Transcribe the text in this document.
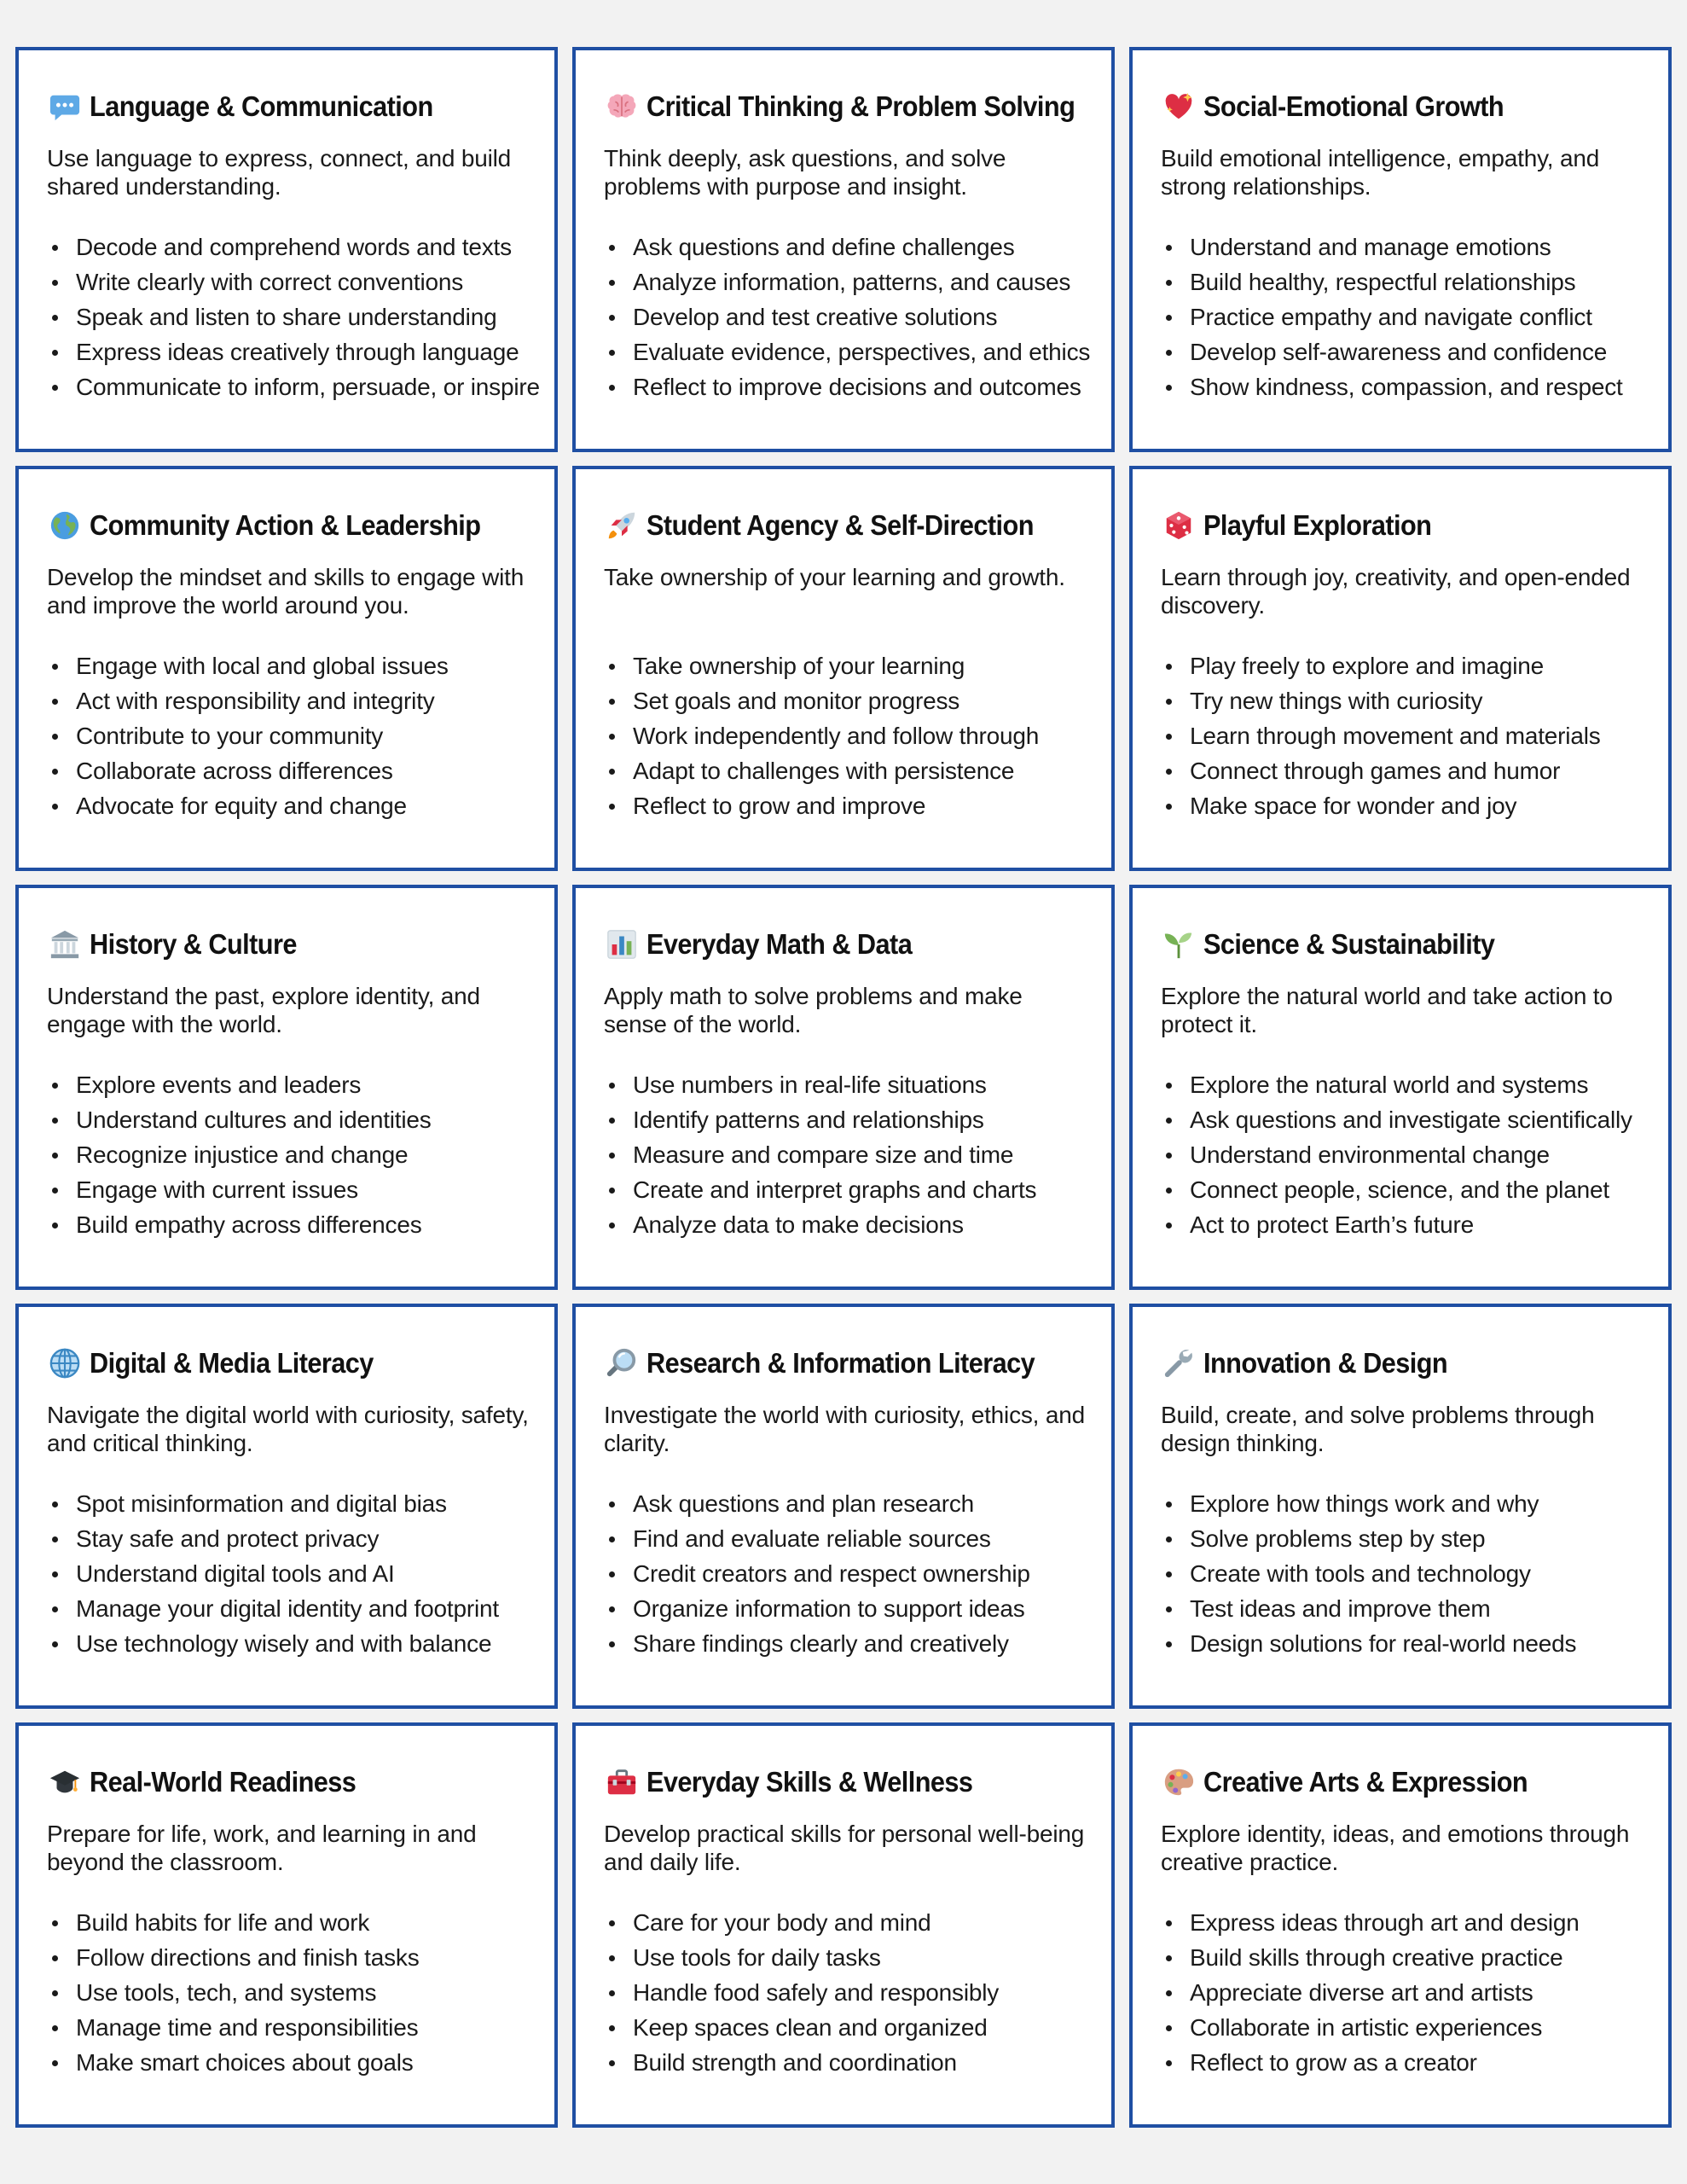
Language & Communication
Use language to express, connect, and build shared understanding.
Decode and comprehend words and texts
Write clearly with correct conventions
Speak and listen to share understanding
Express ideas creatively through language
Communicate to inform, persuade, or inspire
Critical Thinking & Problem Solving
Think deeply, ask questions, and solve problems with purpose and insight.
Ask questions and define challenges
Analyze information, patterns, and causes
Develop and test creative solutions
Evaluate evidence, perspectives, and ethics
Reflect to improve decisions and outcomes
Social-Emotional Growth
Build emotional intelligence, empathy, and strong relationships.
Understand and manage emotions
Build healthy, respectful relationships
Practice empathy and navigate conflict
Develop self-awareness and confidence
Show kindness, compassion, and respect
Community Action & Leadership
Develop the mindset and skills to engage with and improve the world around you.
Engage with local and global issues
Act with responsibility and integrity
Contribute to your community
Collaborate across differences
Advocate for equity and change
Student Agency & Self-Direction
Take ownership of your learning and growth.
Take ownership of your learning
Set goals and monitor progress
Work independently and follow through
Adapt to challenges with persistence
Reflect to grow and improve
Playful Exploration
Learn through joy, creativity, and open-ended discovery.
Play freely to explore and imagine
Try new things with curiosity
Learn through movement and materials
Connect through games and humor
Make space for wonder and joy
History & Culture
Understand the past, explore identity, and engage with the world.
Explore events and leaders
Understand cultures and identities
Recognize injustice and change
Engage with current issues
Build empathy across differences
Everyday Math & Data
Apply math to solve problems and make sense of the world.
Use numbers in real-life situations
Identify patterns and relationships
Measure and compare size and time
Create and interpret graphs and charts
Analyze data to make decisions
Science & Sustainability
Explore the natural world and take action to protect it.
Explore the natural world and systems
Ask questions and investigate scientifically
Understand environmental change
Connect people, science, and the planet
Act to protect Earth’s future
Digital & Media Literacy
Navigate the digital world with curiosity, safety, and critical thinking.
Spot misinformation and digital bias
Stay safe and protect privacy
Understand digital tools and AI
Manage your digital identity and footprint
Use technology wisely and with balance
Research & Information Literacy
Investigate the world with curiosity, ethics, and clarity.
Ask questions and plan research
Find and evaluate reliable sources
Credit creators and respect ownership
Organize information to support ideas
Share findings clearly and creatively
Innovation & Design
Build, create, and solve problems through design thinking.
Explore how things work and why
Solve problems step by step
Create with tools and technology
Test ideas and improve them
Design solutions for real-world needs
Real-World Readiness
Prepare for life, work, and learning in and beyond the classroom.
Build habits for life and work
Follow directions and finish tasks
Use tools, tech, and systems
Manage time and responsibilities
Make smart choices about goals
Everyday Skills & Wellness
Develop practical skills for personal well-being and daily life.
Care for your body and mind
Use tools for daily tasks
Handle food safely and responsibly
Keep spaces clean and organized
Build strength and coordination
Creative Arts & Expression
Explore identity, ideas, and emotions through creative practice.
Express ideas through art and design
Build skills through creative practice
Appreciate diverse art and artists
Collaborate in artistic experiences
Reflect to grow as a creator
